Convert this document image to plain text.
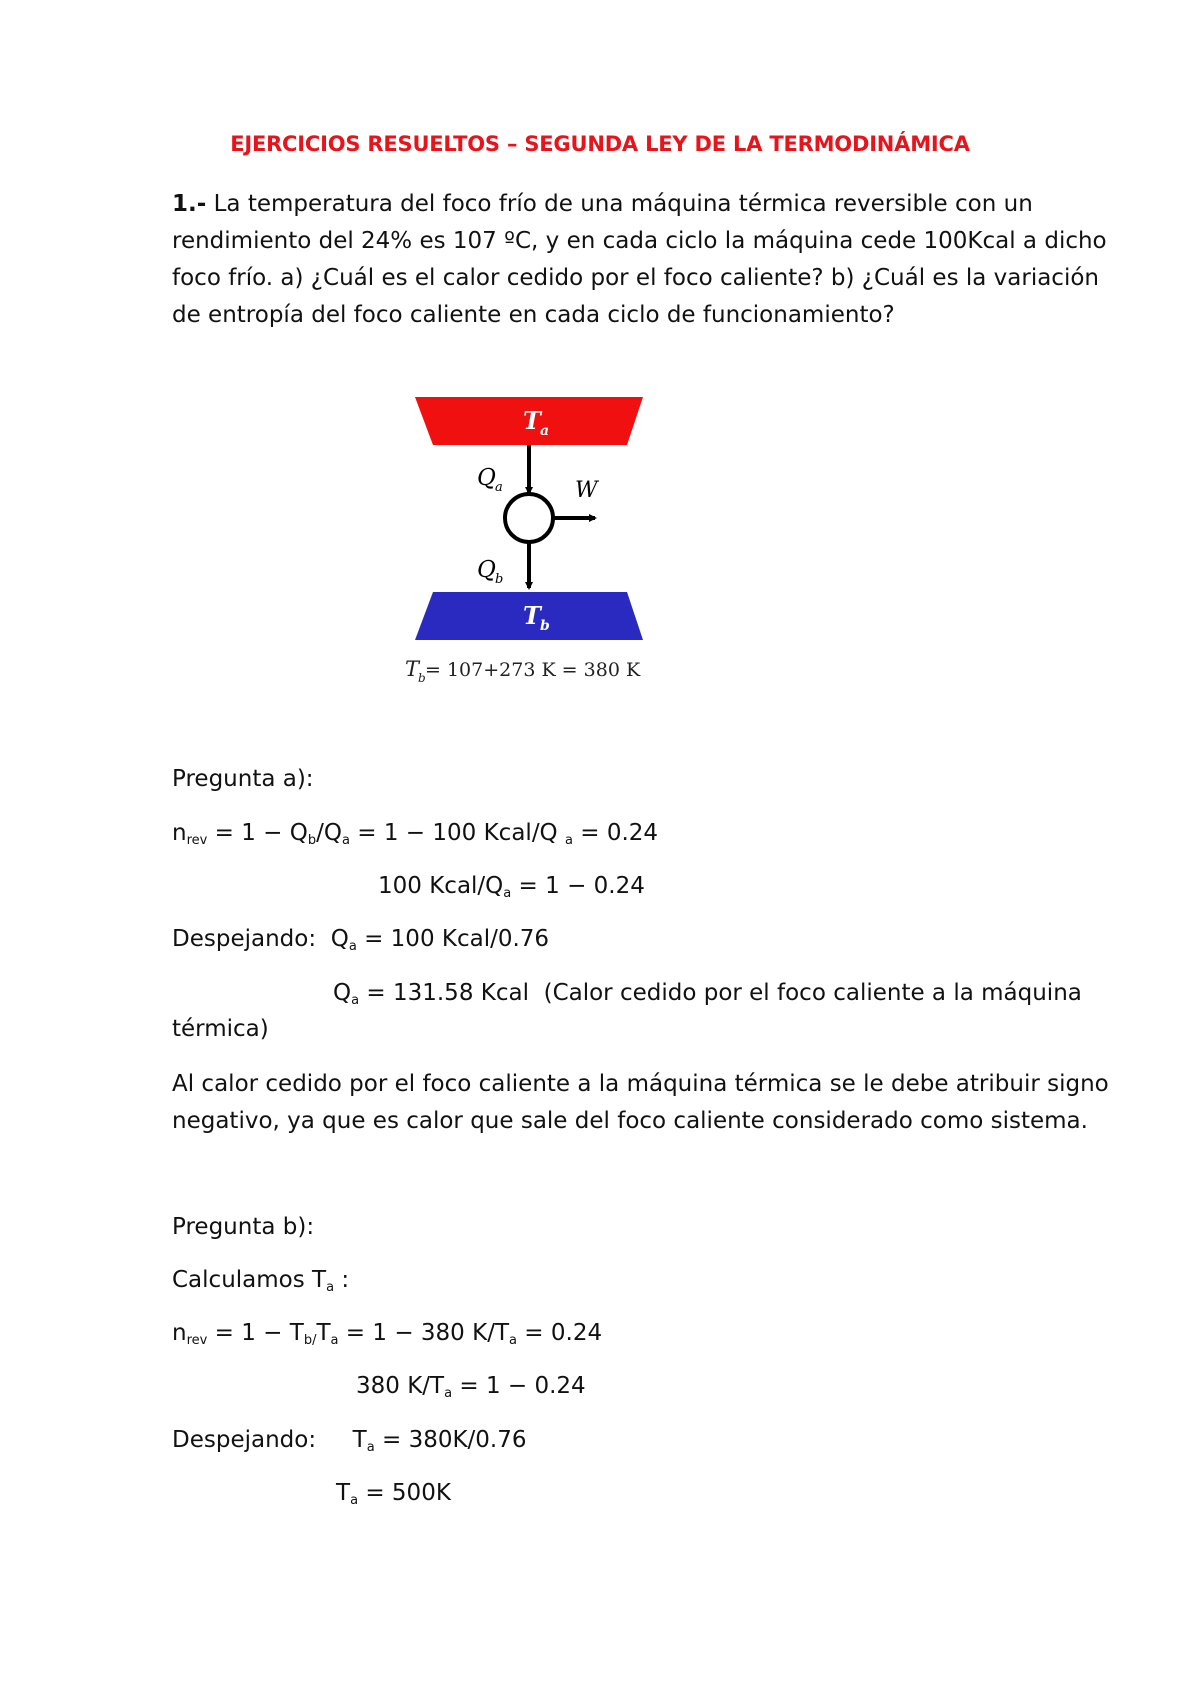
EJERCICIOS RESUELTOS – SEGUNDA LEY DE LA TERMODINÁMICA
1.- La temperatura del foco frío de una máquina térmica reversible con un rendimiento del 24% es 107 ºC, y en cada ciclo la máquina cede 100Kcal a dicho foco frío. a) ¿Cuál es el calor cedido por el foco caliente? b) ¿Cuál es la variación de entropía del foco caliente en cada ciclo de funcionamiento?
T a
Q a	W
Q b
T b
T
b = 107+273 K = 380 K
Pregunta a):
$n_{rev} = 1 - Q_b/Q_a = 1 - 100$ Kcal/Q $_a$ = 0.24
100 Kcal/$Q_a = 1 - 0.24$
Despejando:  $Q_a = 100$ Kcal/0.76
$Q_a = 131.58$ Kcal  (Calor cedido por el foco caliente a la máquina
térmica)
Al calor cedido por el foco caliente a la máquina térmica se le debe atribuir signo negativo, ya que es calor que sale del foco caliente considerado como sistema.
Pregunta b):
Calculamos $T_a$ :
$n_{rev} = 1 - T_{b/}T_a = 1 - 380$ $K/T_a = 0.24$
380 $K/T_a = 1 - 0.24$
Despejando:     $T_a = 380K/0.76$
$T_a = 500K$
